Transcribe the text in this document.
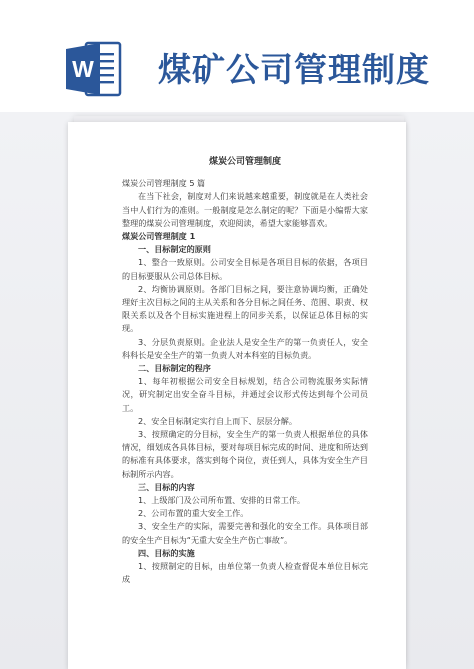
W 煤矿公司管理制度

煤炭公司管理制度

煤炭公司管理制度 5 篇

在当下社会，制度对人们来说越来越重要，制度就是在人类社会当中人们行为的准则。一般制度是怎么制定的呢？下面是小编帮大家整理的煤炭公司管理制度，欢迎阅读，希望大家能够喜欢。

煤炭公司管理制度 1

一、目标制定的原则

1、整合一致原则。公司安全目标是各项目目标的依据，各项目的目标要服从公司总体目标。

2、均衡协调原则。各部门目标之间，要注意协调均衡，正确处理好主次目标之间的主从关系和各分目标之间任务、范围、职责、权限关系以及各个目标实施进程上的同步关系，以保证总体目标的实现。

3、分层负责原则。企业法人是安全生产的第一负责任人，安全科科长是安全生产的第一负责人对本科室的目标负责。

二、目标制定的程序

1、每年初根据公司安全目标规划，结合公司物流服务实际情况，研究制定出安全奋斗目标，并通过会议形式传达到每个公司员工。

2、安全目标制定实行自上而下、层层分解。

3、按照确定的分目标，安全生产的第一负责人根据单位的具体情况，细划成各具体目标，要对每项目标完成的时间、进度和所达到的标准有具体要求，落实到每个岗位，责任到人，具体为安全生产目标制所示内容。

三、目标的内容

1、上级部门及公司所布置、安排的日常工作。

2、公司布置的重大安全工作。

3、安全生产的实际，需要完善和强化的安全工作。具体项目部的安全生产目标为“无重大安全生产伤亡事故”。

四、目标的实施

1、按照制定的目标，由单位第一负责人检查督促本单位目标完成
